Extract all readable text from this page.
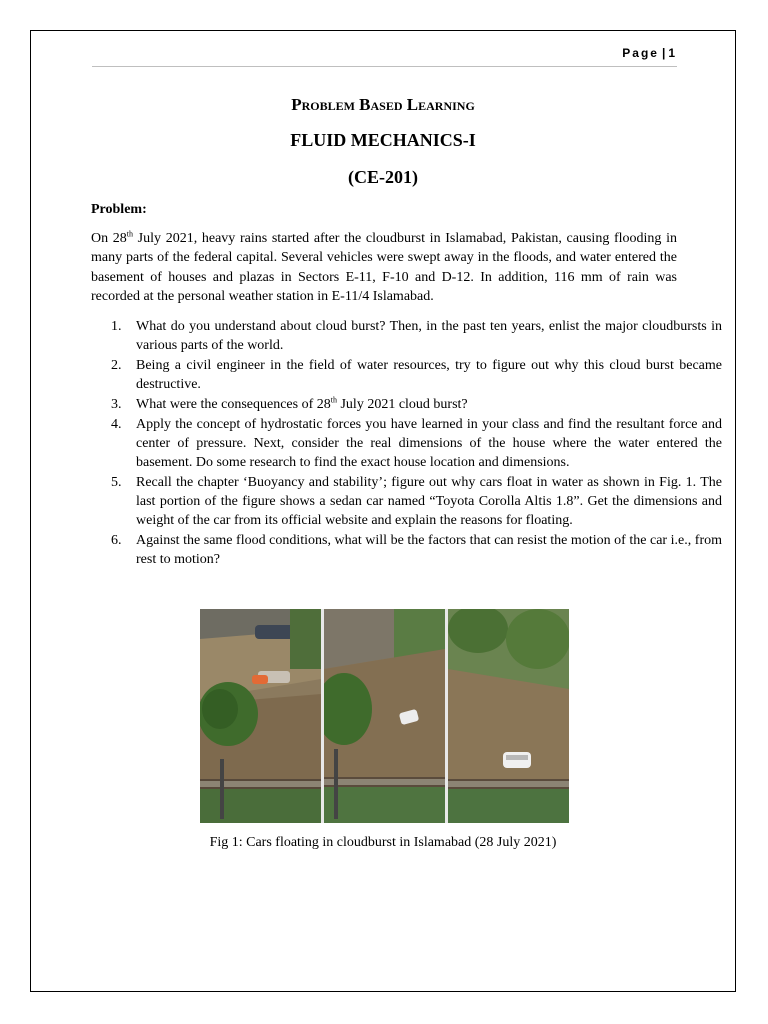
Page | 1
Problem Based Learning
FLUID MECHANICS-I
(CE-201)
Problem:

On 28th July 2021, heavy rains started after the cloudburst in Islamabad, Pakistan, causing flooding in many parts of the federal capital. Several vehicles were swept away in the floods, and water entered the basement of houses and plazas in Sectors E-11, F-10 and D-12. In addition, 116 mm of rain was recorded at the personal weather station in E-11/4 Islamabad.

1. What do you understand about cloud burst? Then, in the past ten years, enlist the major cloudbursts in various parts of the world.
2. Being a civil engineer in the field of water resources, try to figure out why this cloud burst became destructive.
3. What were the consequences of 28th July 2021 cloud burst?
4. Apply the concept of hydrostatic forces you have learned in your class and find the resultant force and center of pressure. Next, consider the real dimensions of the house where the water entered the basement. Do some research to find the exact house location and dimensions.
5. Recall the chapter ‘Buoyancy and stability’; figure out why cars float in water as shown in Fig. 1. The last portion of the figure shows a sedan car named “Toyota Corolla Altis 1.8”. Get the dimensions and weight of the car from its official website and explain the reasons for floating.
6. Against the same flood conditions, what will be the factors that can resist the motion of the car i.e., from rest to motion?
Fig 1: Cars floating in cloudburst in Islamabad (28 July 2021)
